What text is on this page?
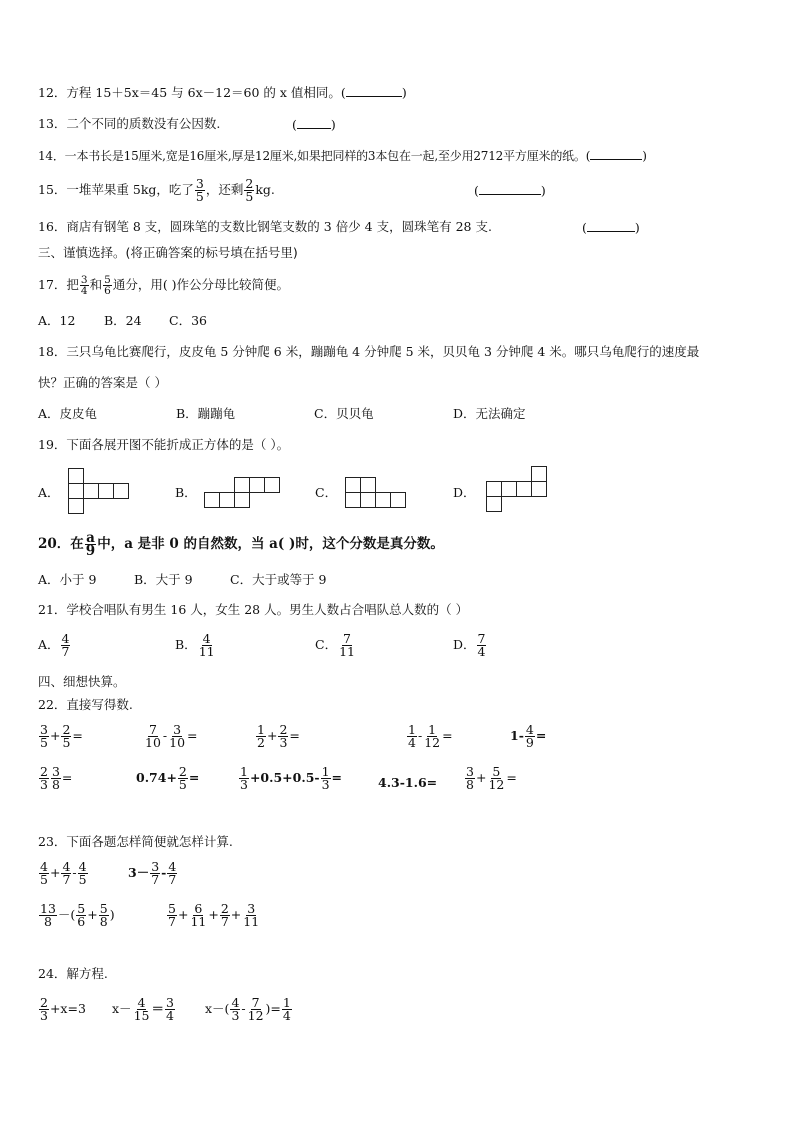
12．方程 15＋5x＝45 与 6x－12＝60 的 x 值相同。(	)
13．二个不同的质数没有公因数.	(	)
14．一本书长是15厘米,宽是16厘米,厚是12厘米,如果把同样的3本包在一起,至少用2712平方厘米的纸。(	)
15．一堆苹果重 5kg，吃了 $\frac{3}{5}$ ，还剩 $\frac{2}{5}$ kg.	(	)
16．商店有钢笔 8 支，圆珠笔的支数比钢笔支数的 3 倍少 4 支，圆珠笔有 28 支.	(	)
三、谨慎选择。(将正确答案的标号填在括号里)
17．把 $\frac{3}{4}$ 和 $\frac{5}{6}$ 通分，用( )作公分母比较简便。
A．12 B．24 C．36
18．三只乌龟比赛爬行，皮皮龟 5 分钟爬 6 米，蹦蹦龟 4 分钟爬 5 米，贝贝龟 3 分钟爬 4 米。哪只乌龟爬行的速度最
快？正确的答案是（ ）
A．皮皮龟	B．蹦蹦龟	C．贝贝龟	D．无法确定
19．下面各展开图不能折成正方体的是（ ）。
A．	B．	C．	D．
20．在 $\frac{a}{9}$ 中，a 是非 0 的自然数，当 a( )时，这个分数是真分数。
A．小于 9	B．大于 9	C．大于或等于 9
21．学校合唱队有男生 16 人，女生 28 人。男生人数占合唱队总人数的（ ）
A． $\frac{4}{7}$	B． $\frac{4}{11}$	C． $\frac{7}{11}$	D． $\frac{7}{4}$
四、细想快算。
22．直接写得数.
$\frac{3}{5} + \frac{2}{5}$ =	$\frac{7}{10} - \frac{3}{10}$ =	$\frac{1}{2} + \frac{2}{3}$ =	$\frac{1}{4} - \frac{1}{12}$ =	$1- \frac{4}{9}$ =
$\frac{2}{3} \frac{3}{8}$ =	$0.74+ \frac{2}{5}$ =	$\frac{1}{3} +0.5+0.5- \frac{1}{3}$ =	$4.3-1.6= \frac{3}{8} + \frac{5}{12}$ =
23．下面各题怎样简便就怎样计算.
$\frac{4}{5} + \frac{4}{7} - \frac{4}{5}$	$3- \frac{3}{7} - \frac{4}{7}$
$\frac{13}{8}$ －( $\frac{5}{6} + \frac{5}{8}$ )	$\frac{5}{7} + \frac{6}{11} + \frac{2}{7} + \frac{3}{11}$
24．解方程.
$\frac{2}{3} +x=3$ $x- \frac{4}{15} = \frac{3}{4} x-( \frac{4}{3} - \frac{7}{12}$ )= $\frac{1}{4}$
